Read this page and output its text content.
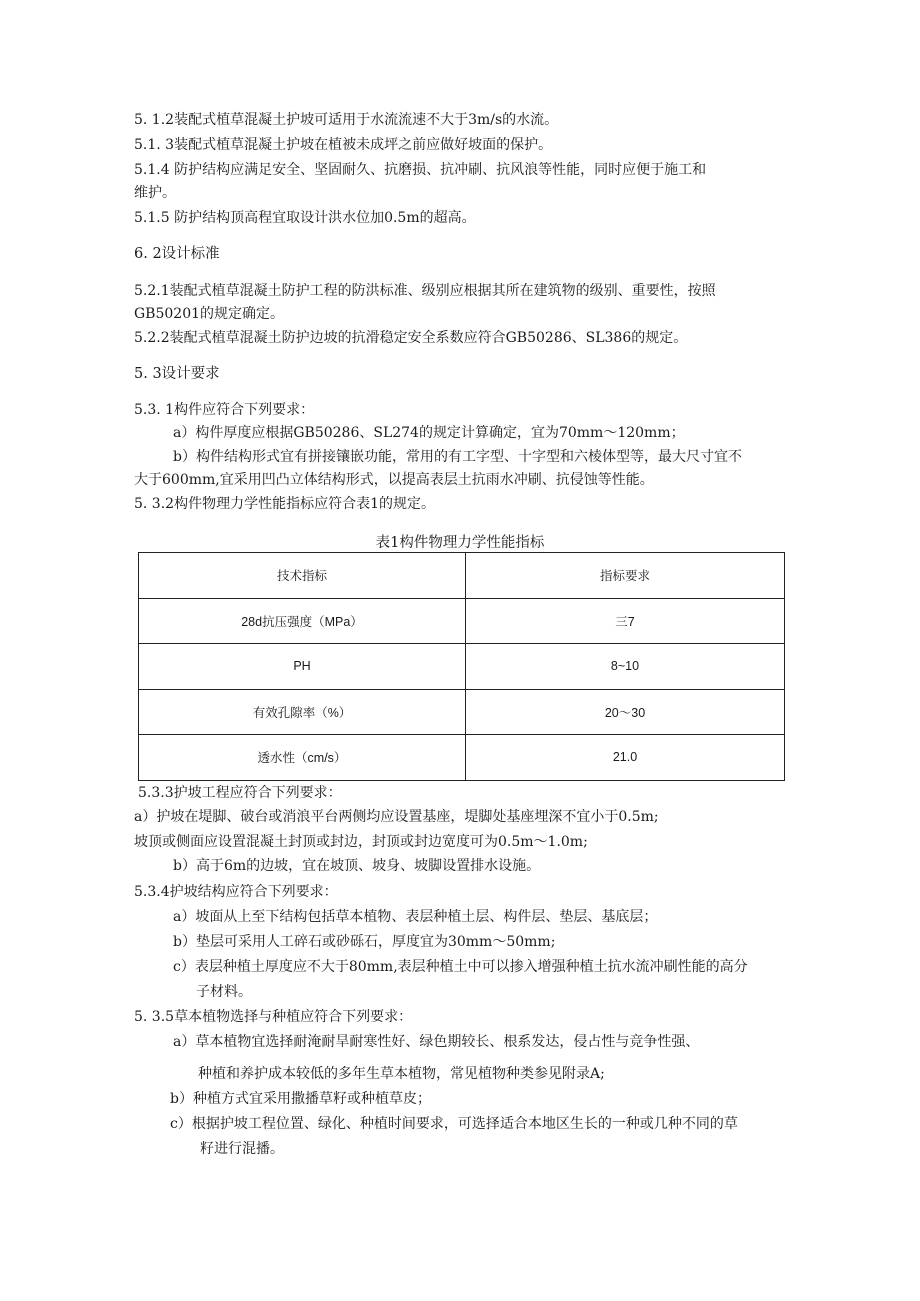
5. 1.2装配式植草混凝土护坡可适用于水流流速不大于3m/s的水流。
5.1. 3装配式植草混凝土护坡在植被未成坪之前应做好坡面的保护。
5.1.4 防护结构应满足安全、坚固耐久、抗磨损、抗冲刷、抗风浪等性能，同时应便于施工和
维护。
5.1.5 防护结构顶高程宜取设计洪水位加0.5m的超高。
6. 2设计标准
5.2.1装配式植草混凝土防护工程的防洪标准、级别应根据其所在建筑物的级别、重要性，按照
GB50201的规定确定。
5.2.2装配式植草混凝土防护边坡的抗滑稳定安全系数应符合GB50286、SL386的规定。
5. 3设计要求
5.3. 1构件应符合下列要求：
a）构件厚度应根据GB50286、SL274的规定计算确定，宜为70mm～120mm；
b）构件结构形式宜有拼接镶嵌功能，常用的有工字型、十字型和六棱体型等，最大尺寸宜不
大于600mm,宜采用凹凸立体结构形式，以提高表层土抗雨水冲刷、抗侵蚀等性能。
5. 3.2构件物理力学性能指标应符合表1的规定。
表1构件物理力学性能指标
技术指标	指标要求
28d抗压强度（MPa）	三7
PH	8~10
有效孔隙率（%）	20～30
透水性（cm/s）	21.0
5.3.3护坡工程应符合下列要求：
a）护坡在堤脚、破台或消浪平台两侧均应设置基座，堤脚处基座埋深不宜小于0.5m;
坡顶或侧面应设置混凝土封顶或封边，封顶或封边宽度可为0.5m～1.0m;
b）高于6m的边坡，宜在坡顶、坡身、坡脚设置排水设施。
5.3.4护坡结构应符合下列要求：
a）坡面从上至下结构包括草本植物、表层种植土层、构件层、垫层、基底层；
b）垫层可采用人工碎石或砂砾石，厚度宜为30mm～50mm;
c）表层种植土厚度应不大于80mm,表层种植土中可以掺入增强种植土抗水流冲刷性能的高分
子材料。
5. 3.5草本植物选择与种植应符合下列要求：
a）草本植物宜选择耐淹耐旱耐寒性好、绿色期较长、根系发达，侵占性与竞争性强、
种植和养护成本较低的多年生草本植物，常见植物种类参见附录A;
b）种植方式宜采用撒播草籽或种植草皮；
c）根据护坡工程位置、绿化、种植时间要求，可选择适合本地区生长的一种或几种不同的草
籽进行混播。
